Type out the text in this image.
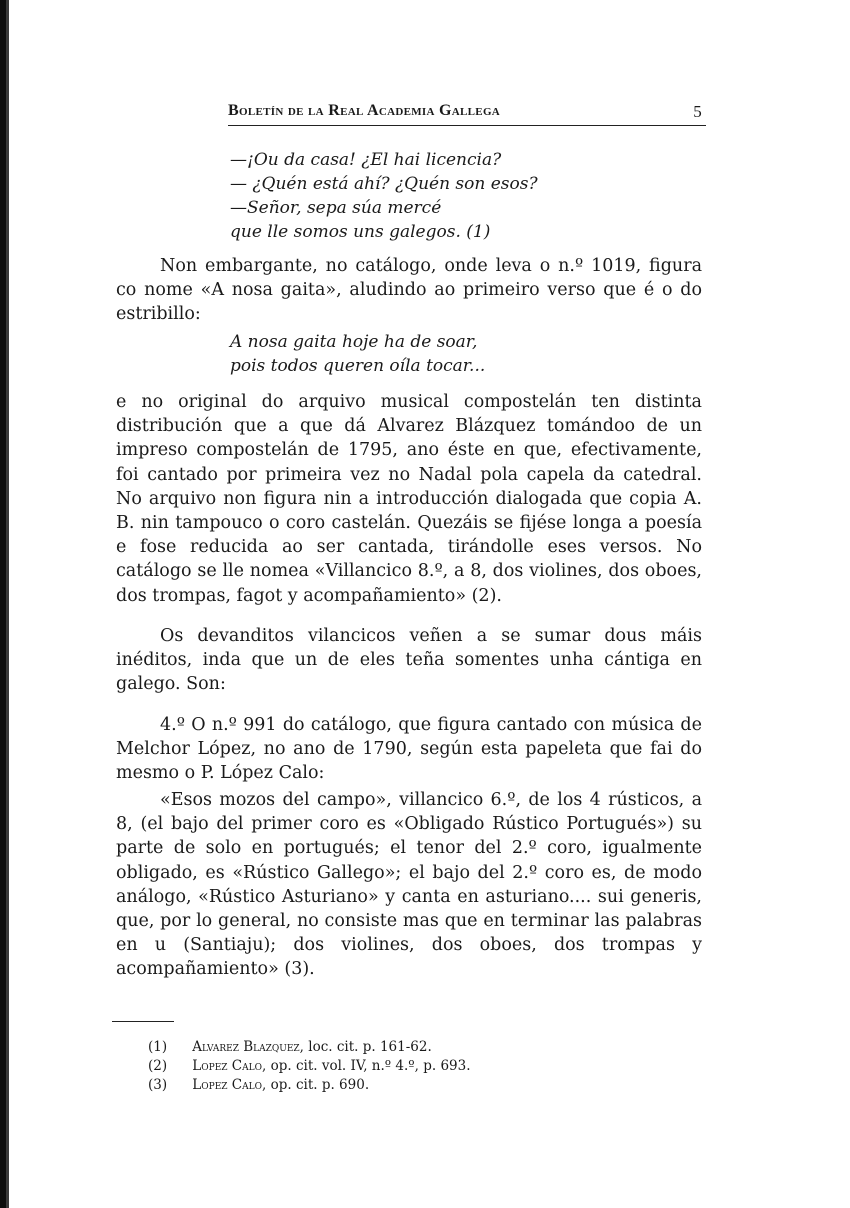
Boletín de la Real Academia Gallega	5
—¡Ou da casa! ¿El hai licencia?
— ¿Quén está ahí? ¿Quén son esos?
—Señor, sepa súa mercé
que lle somos uns galegos. (1)
Non embargante, no catálogo, onde leva o n.º 1019, figura co nome «A nosa gaita», aludindo ao primeiro verso que é o do estribillo:
A nosa gaita hoje ha de soar,
pois todos queren oíla tocar...
e no original do arquivo musical compostelán ten distinta distribución que a que dá Alvarez Blázquez tomándoo de un impreso compostelán de 1795, ano éste en que, efectivamente, foi cantado por primeira vez no Nadal pola capela da catedral. No arquivo non figura nin a introducción dialogada que copia A. B. nin tampouco o coro castelán. Quezáis se fijése longa a poesía e fose reducida ao ser cantada, tirándolle eses versos. No catálogo se lle nomea «Villancico 8.º, a 8, dos violines, dos oboes, dos trompas, fagot y acompañamiento» (2).
Os devanditos vilancicos veñen a se sumar dous máis inéditos, inda que un de eles teña somentes unha cántiga en galego. Son:
4.º O n.º 991 do catálogo, que figura cantado con música de Melchor López, no ano de 1790, según esta papeleta que fai do mesmo o P. López Calo:
«Esos mozos del campo», villancico 6.º, de los 4 rústicos, a 8, (el bajo del primer coro es «Obligado Rústico Portugués») su parte de solo en portugués; el tenor del 2.º coro, igualmente obligado, es «Rústico Gallego»; el bajo del 2.º coro es, de modo análogo, «Rústico Asturiano» y canta en asturiano.... sui generis, que, por lo general, no consiste mas que en terminar las palabras en u (Santiaju); dos violines, dos oboes, dos trompas y acompañamiento» (3).
(1) Alvarez Blazquez, loc. cit. p. 161-62.
(2) Lopez Calo, op. cit. vol. IV, n.º 4.º, p. 693.
(3) Lopez Calo, op. cit. p. 690.
